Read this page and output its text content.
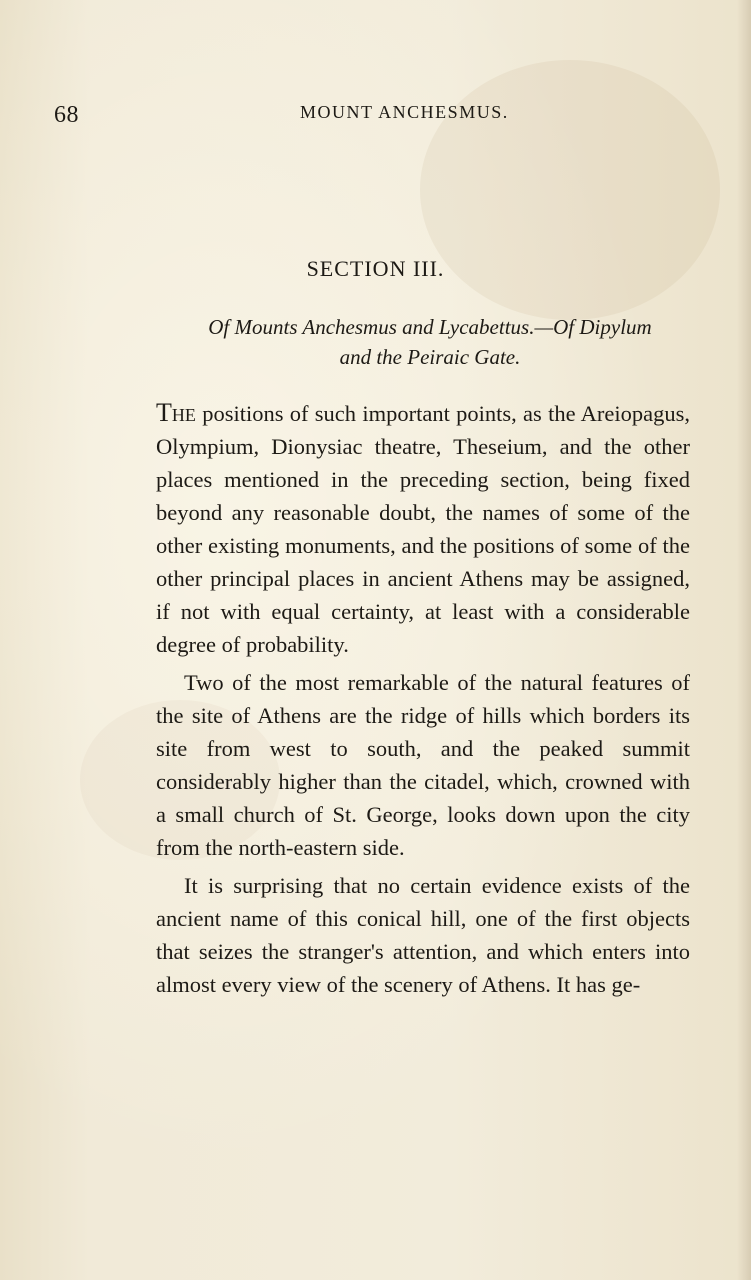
68	MOUNT ANCHESMUS.
SECTION III.
Of Mounts Anchesmus and Lycabettus.—Of Dipylum
and the Peiraic Gate.

The positions of such important points, as the Areiopagus, Olympium, Dionysiac theatre, Theseium, and the other places mentioned in the preceding section, being fixed beyond any reasonable doubt, the names of some of the other existing monuments, and the positions of some of the other principal places in ancient Athens may be assigned, if not with equal certainty, at least with a considerable degree of probability.

Two of the most remarkable of the natural features of the site of Athens are the ridge of hills which borders its site from west to south, and the peaked summit considerably higher than the citadel, which, crowned with a small church of St. George, looks down upon the city from the north-eastern side.

It is surprising that no certain evidence exists of the ancient name of this conical hill, one of the first objects that seizes the stranger's attention, and which enters into almost every view of the scenery of Athens. It has ge-
